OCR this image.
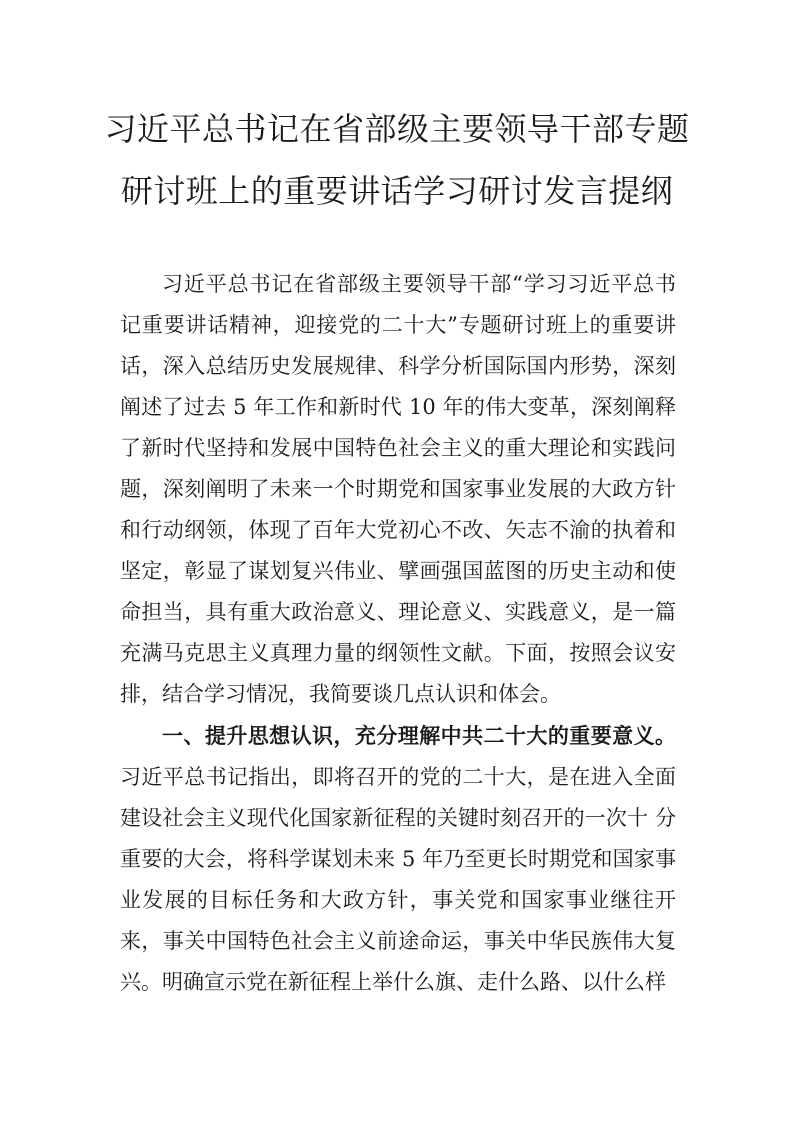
习近平总书记在省部级主要领导干部专题
研讨班上的重要讲话学习研讨发言提纲

习近平总书记在省部级主要领导干部“学习习近平总书记重要讲话精神，迎接党的二十大”专题研讨班上的重要讲话，深入总结历史发展规律、科学分析国际国内形势，深刻阐述了过去 5 年工作和新时代 10 年的伟大变革，深刻阐释了新时代坚持和发展中国特色社会主义的重大理论和实践问题，深刻阐明了未来一个时期党和国家事业发展的大政方针和行动纲领，体现了百年大党初心不改、矢志不渝的执着和坚定，彰显了谋划复兴伟业、擘画强国蓝图的历史主动和使命担当，具有重大政治意义、理论意义、实践意义，是一篇充满马克思主义真理力量的纲领性文献。下面，按照会议安排，结合学习情况，我简要谈几点认识和体会。

一、提升思想认识，充分理解中共二十大的重要意义。 习近平总书记指出，即将召开的党的二十大，是在进入全面建设社会主义现代化国家新征程的关键时刻召开的一次十 分重要的大会，将科学谋划未来 5 年乃至更长时期党和国家事业发展的目标任务和大政方针，事关党和国家事业继往开来，事关中国特色社会主义前途命运，事关中华民族伟大复兴。明确宣示党在新征程上举什么旗、走什么路、以什么样
